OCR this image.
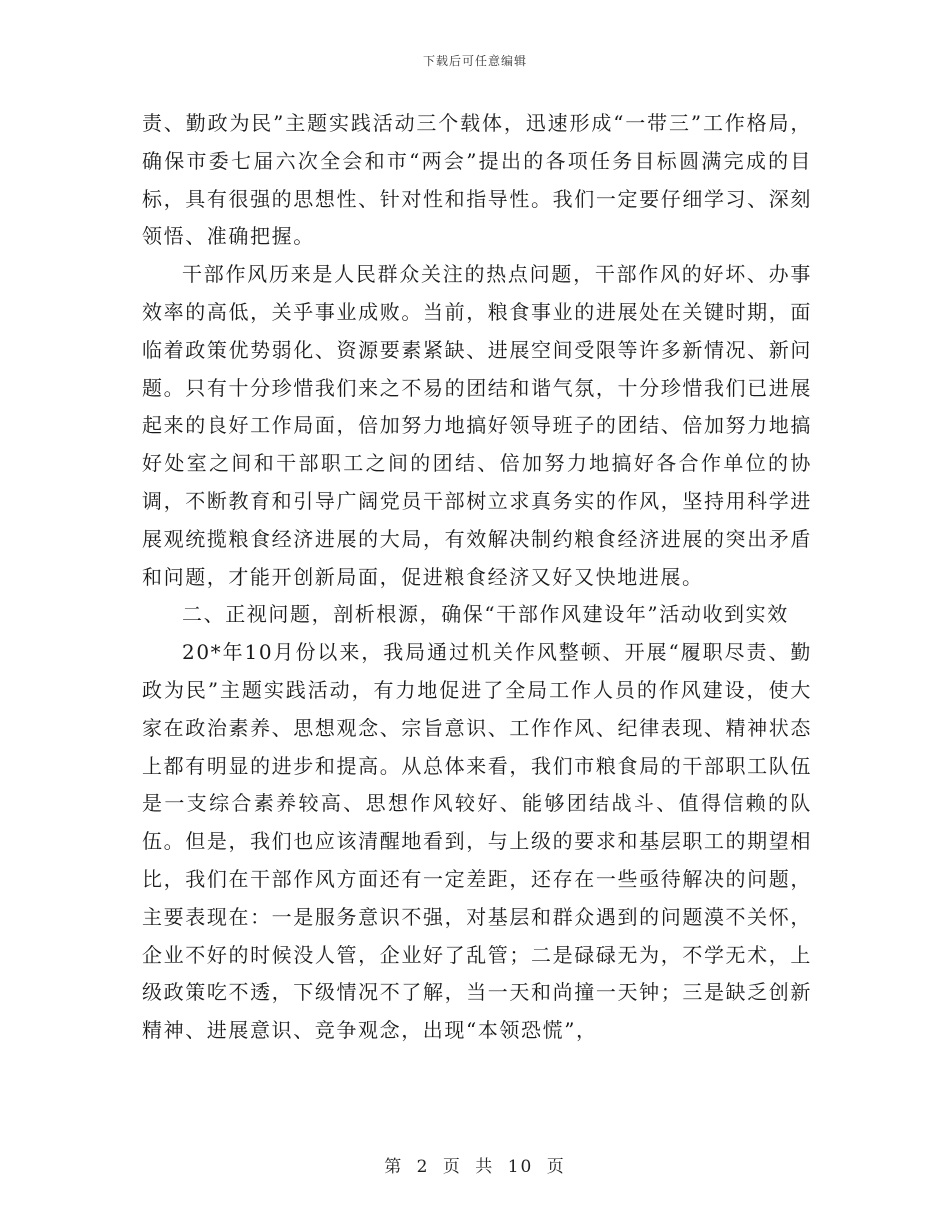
下载后可任意编辑

责、勤政为民”主题实践活动三个载体，迅速形成“一带三”工作格局，确保市委七届六次全会和市“两会”提出的各项任务目标圆满完成的目标，具有很强的思想性、针对性和指导性。我们一定要仔细学习、深刻领悟、准确把握。

干部作风历来是人民群众关注的热点问题，干部作风的好坏、办事效率的高低，关乎事业成败。当前，粮食事业的进展处在关键时期，面临着政策优势弱化、资源要素紧缺、进展空间受限等许多新情况、新问题。只有十分珍惜我们来之不易的团结和谐气氛，十分珍惜我们已进展起来的良好工作局面，倍加努力地搞好领导班子的团结、倍加努力地搞好处室之间和干部职工之间的团结、倍加努力地搞好各合作单位的协调，不断教育和引导广阔党员干部树立求真务实的作风，坚持用科学进展观统揽粮食经济进展的大局，有效解决制约粮食经济进展的突出矛盾和问题，才能开创新局面，促进粮食经济又好又快地进展。

二、正视问题，剖析根源，确保“干部作风建设年”活动收到实效

20*年10月份以来，我局通过机关作风整顿、开展“履职尽责、勤政为民”主题实践活动，有力地促进了全局工作人员的作风建设，使大家在政治素养、思想观念、宗旨意识、工作作风、纪律表现、精神状态上都有明显的进步和提高。从总体来看，我们市粮食局的干部职工队伍是一支综合素养较高、思想作风较好、能够团结战斗、值得信赖的队伍。但是，我们也应该清醒地看到，与上级的要求和基层职工的期望相比，我们在干部作风方面还有一定差距，还存在一些亟待解决的问题，主要表现在：一是服务意识不强，对基层和群众遇到的问题漠不关怀，企业不好的时候没人管，企业好了乱管；二是碌碌无为，不学无术，上级政策吃不透，下级情况不了解，当一天和尚撞一天钟；三是缺乏创新精神、进展意识、竞争观念，出现“本领恐慌”，

第 2 页 共 10 页
